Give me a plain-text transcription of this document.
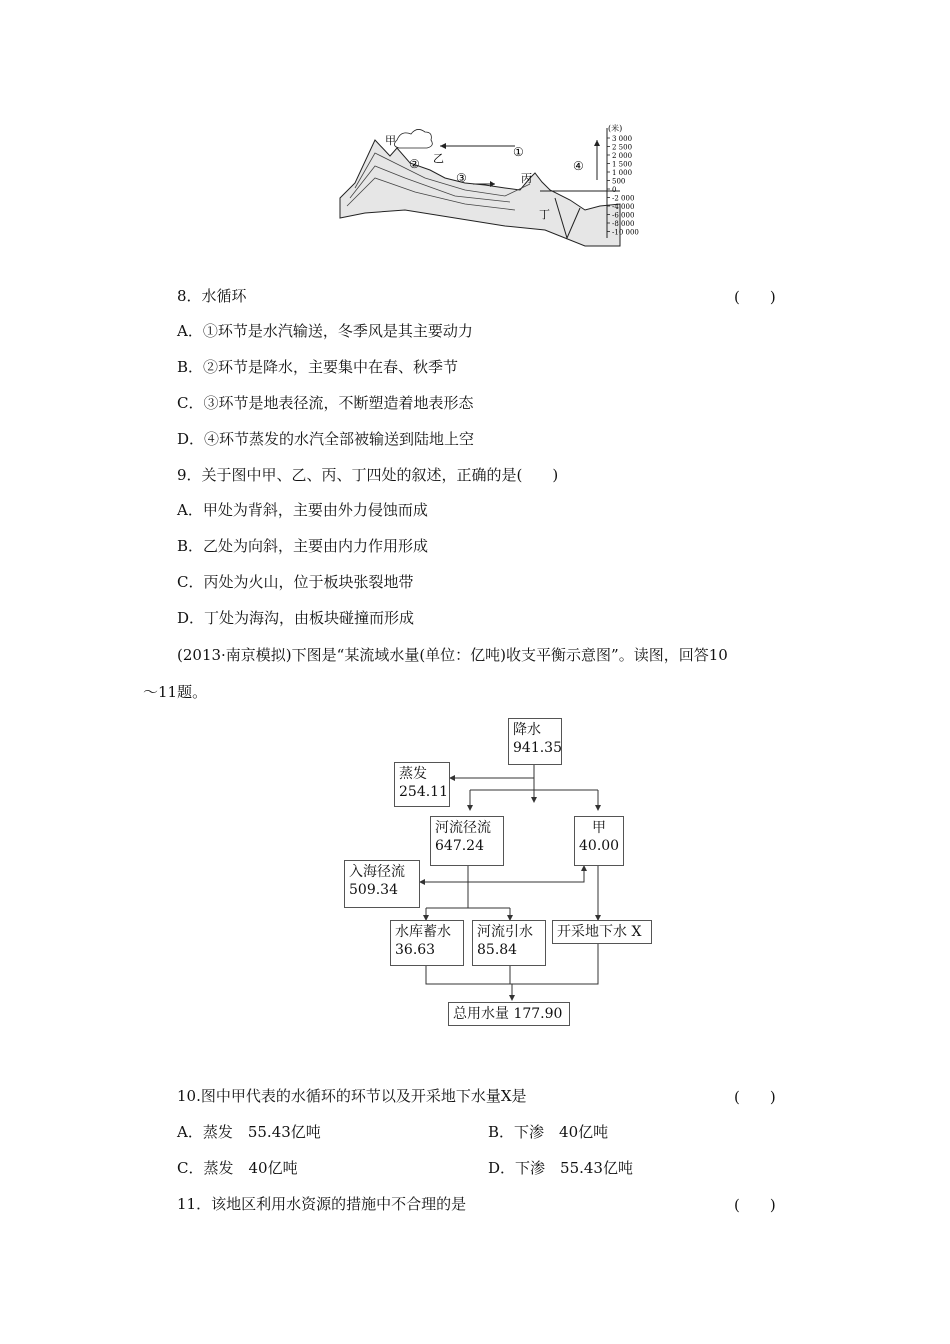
甲
乙
丙
丁
①
②
③
④
(米)
3 000
2 500
2 000
1 500
1 000
500
0
-2 000
-4 000
-6 000
-8 000
-10 000
8．水循环	(　　)
A．①环节是水汽输送，冬季风是其主要动力
B．②环节是降水，主要集中在春、秋季节
C．③环节是地表径流，不断塑造着地表形态
D．④环节蒸发的水汽全部被输送到陆地上空
9．关于图中甲、乙、丙、丁四处的叙述，正确的是(　　)
A．甲处为背斜，主要由外力侵蚀而成
B．乙处为向斜，主要由内力作用形成
C．丙处为火山，位于板块张裂地带
D．丁处为海沟，由板块碰撞而形成
(2013·南京模拟)下图是“某流域水量(单位：亿吨)收支平衡示意图”。读图，回答10
～11题。
降水
941.35
蒸发
254.11
河流径流
647.24
甲
40.00
入海径流
509.34
水库蓄水
36.63
河流引水
85.84
开采地下水 X
总用水量 177.90
10.图中甲代表的水循环的环节以及开采地下水量X是	(　　)
A．蒸发　55.43亿吨	B．下渗　40亿吨
C．蒸发　40亿吨	D．下渗　55.43亿吨
11．该地区利用水资源的措施中不合理的是	(　　)
